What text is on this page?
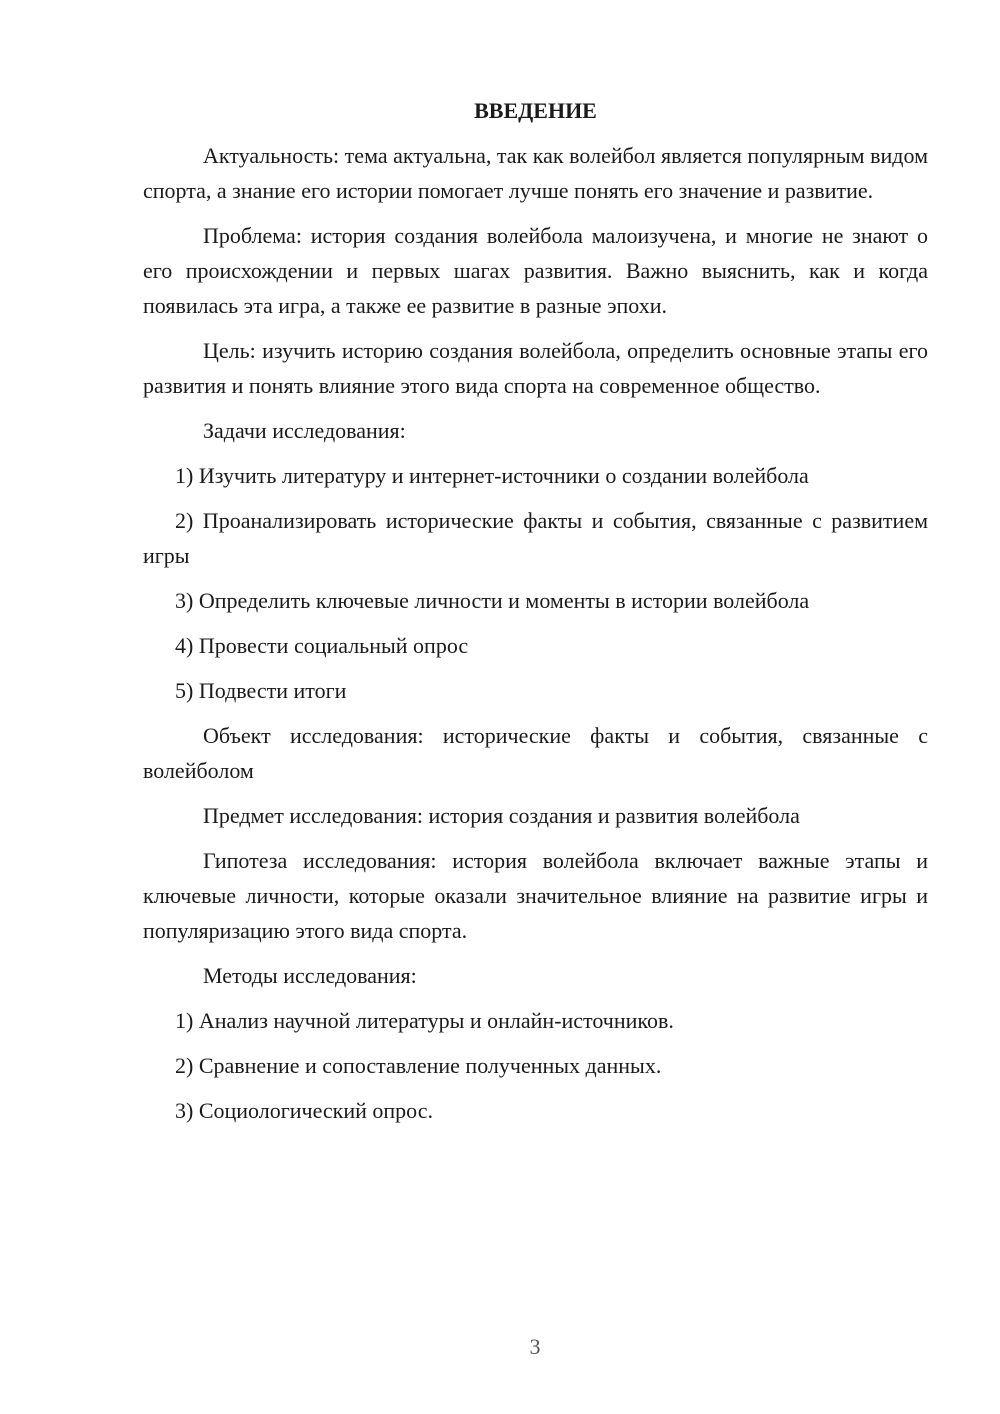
ВВЕДЕНИЕ

Актуальность: тема актуальна, так как волейбол является популярным видом спорта, а знание его истории помогает лучше понять его значение и развитие.

Проблема: история создания волейбола малоизучена, и многие не знают о его происхождении и первых шагах развития. Важно выяснить, как и когда появилась эта игра, а также ее развитие в разные эпохи.

Цель: изучить историю создания волейбола, определить основные этапы его развития и понять влияние этого вида спорта на современное общество.

Задачи исследования:

1) Изучить литературу и интернет-источники о создании волейбола

2) Проанализировать исторические факты и события, связанные с развитием игры

3) Определить ключевые личности и моменты в истории волейбола

4) Провести социальный опрос

5) Подвести итоги

Объект исследования: исторические факты и события, связанные с волейболом

Предмет исследования: история создания и развития волейбола

Гипотеза исследования: история волейбола включает важные этапы и ключевые личности, которые оказали значительное влияние на развитие игры и популяризацию этого вида спорта.

Методы исследования:

1) Анализ научной литературы и онлайн-источников.

2) Сравнение и сопоставление полученных данных.

3) Социологический опрос.

3
